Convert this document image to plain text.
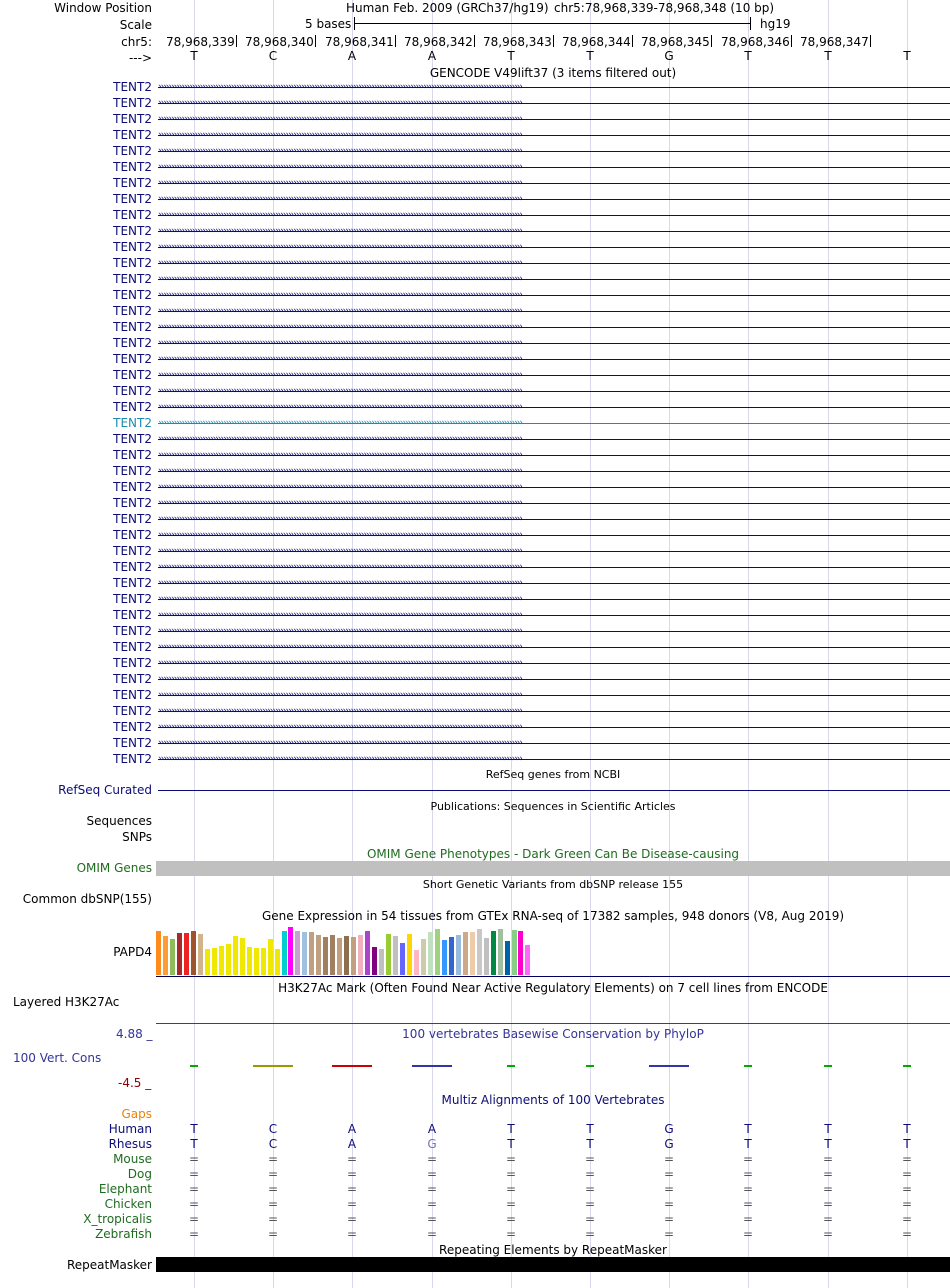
Window Position	Human Feb. 2009 (GRCh37/hg19) chr5:78,968,339-78,968,348 (10 bp)
Scale	5 bases	hg19
chr5: 78,968,339 78,968,340 78,968,341 78,968,342 78,968,343 78,968,344 78,968,345 78,968,346 78,968,347
--->	T	C	A	A	T	T	G	T	T	T
GENCODE V49lift37 (3 items filtered out)
TENT2 ››››››››››››››››››››››››››››››››››››››››››››››››››››››››››››››››››››››››››››››››››››››››››››››››››››››››››››››››››››››››››››››››››››››››››››
TENT2 ››››››››››››››››››››››››››››››››››››››››››››››››››››››››››››››››››››››››››››››››››››››››››››››››››››››››››››››››››››››››››››››››››››››››››››
TENT2 ››››››››››››››››››››››››››››››››››››››››››››››››››››››››››››››››››››››››››››››››››››››››››››››››››››››››››››››››››››››››››››››››››››››››››››
TENT2 ››››››››››››››››››››››››››››››››››››››››››››››››››››››››››››››››››››››››››››››››››››››››››››››››››››››››››››››››››››››››››››››››››››››››››››
TENT2 ››››››››››››››››››››››››››››››››››››››››››››››››››››››››››››››››››››››››››››››››››››››››››››››››››››››››››››››››››››››››››››››››››››››››››››
TENT2 ››››››››››››››››››››››››››››››››››››››››››››››››››››››››››››››››››››››››››››››››››››››››››››››››››››››››››››››››››››››››››››››››››››››››››››
TENT2 ››››››››››››››››››››››››››››››››››››››››››››››››››››››››››››››››››››››››››››››››››››››››››››››››››››››››››››››››››››››››››››››››››››››››››››
TENT2 ››››››››››››››››››››››››››››››››››››››››››››››››››››››››››››››››››››››››››››››››››››››››››››››››››››››››››››››››››››››››››››››››››››››››››››
TENT2 ››››››››››››››››››››››››››››››››››››››››››››››››››››››››››››››››››››››››››››››››››››››››››››››››››››››››››››››››››››››››››››››››››››››››››››
TENT2 ››››››››››››››››››››››››››››››››››››››››››››››››››››››››››››››››››››››››››››››››››››››››››››››››››››››››››››››››››››››››››››››››››››››››››››
TENT2 ››››››››››››››››››››››››››››››››››››››››››››››››››››››››››››››››››››››››››››››››››››››››››››››››››››››››››››››››››››››››››››››››››››››››››››
TENT2 ››››››››››››››››››››››››››››››››››››››››››››››››››››››››››››››››››››››››››››››››››››››››››››››››››››››››››››››››››››››››››››››››››››››››››››
TENT2 ››››››››››››››››››››››››››››››››››››››››››››››››››››››››››››››››››››››››››››››››››››››››››››››››››››››››››››››››››››››››››››››››››››››››››››
TENT2 ››››››››››››››››››››››››››››››››››››››››››››››››››››››››››››››››››››››››››››››››››››››››››››››››››››››››››››››››››››››››››››››››››››››››››››
TENT2 ››››››››››››››››››››››››››››››››››››››››››››››››››››››››››››››››››››››››››››››››››››››››››››››››››››››››››››››››››››››››››››››››››››››››››››
TENT2 ››››››››››››››››››››››››››››››››››››››››››››››››››››››››››››››››››››››››››››››››››››››››››››››››››››››››››››››››››››››››››››››››››››››››››››
TENT2 ››››››››››››››››››››››››››››››››››››››››››››››››››››››››››››››››››››››››››››››››››››››››››››››››››››››››››››››››››››››››››››››››››››››››››››
TENT2 ››››››››››››››››››››››››››››››››››››››››››››››››››››››››››››››››››››››››››››››››››››››››››››››››››››››››››››››››››››››››››››››››››››››››››››
TENT2 ››››››››››››››››››››››››››››››››››››››››››››››››››››››››››››››››››››››››››››››››››››››››››››››››››››››››››››››››››››››››››››››››››››››››››››
TENT2 ››››››››››››››››››››››››››››››››››››››››››››››››››››››››››››››››››››››››››››››››››››››››››››››››››››››››››››››››››››››››››››››››››››››››››››
TENT2 ››››››››››››››››››››››››››››››››››››››››››››››››››››››››››››››››››››››››››››››››››››››››››››››››››››››››››››››››››››››››››››››››››››››››››››
TENT2 ››››››››››››››››››››››››››››››››››››››››››››››››››››››››››››››››››››››››››››››››››››››››››››››››››››››››››››››››››››››››››››››››››››››››››››
TENT2 ››››››››››››››››››››››››››››››››››››››››››››››››››››››››››››››››››››››››››››››››››››››››››››››››››››››››››››››››››››››››››››››››››››››››››››
TENT2 ››››››››››››››››››››››››››››››››››››››››››››››››››››››››››››››››››››››››››››››››››››››››››››››››››››››››››››››››››››››››››››››››››››››››››››
TENT2 ››››››››››››››››››››››››››››››››››››››››››››››››››››››››››››››››››››››››››››››››››››››››››››››››››››››››››››››››››››››››››››››››››››››››››››
TENT2 ››››››››››››››››››››››››››››››››››››››››››››››››››››››››››››››››››››››››››››››››››››››››››››››››››››››››››››››››››››››››››››››››››››››››››››
TENT2 ››››››››››››››››››››››››››››››››››››››››››››››››››››››››››››››››››››››››››››››››››››››››››››››››››››››››››››››››››››››››››››››››››››››››››››
TENT2 ››››››››››››››››››››››››››››››››››››››››››››››››››››››››››››››››››››››››››››››››››››››››››››››››››››››››››››››››››››››››››››››››››››››››››››
TENT2 ››››››››››››››››››››››››››››››››››››››››››››››››››››››››››››››››››››››››››››››››››››››››››››››››››››››››››››››››››››››››››››››››››››››››››››
TENT2 ››››››››››››››››››››››››››››››››››››››››››››››››››››››››››››››››››››››››››››››››››››››››››››››››››››››››››››››››››››››››››››››››››››››››››››
TENT2 ››››››››››››››››››››››››››››››››››››››››››››››››››››››››››››››››››››››››››››››››››››››››››››››››››››››››››››››››››››››››››››››››››››››››››››
TENT2 ››››››››››››››››››››››››››››››››››››››››››››››››››››››››››››››››››››››››››››››››››››››››››››››››››››››››››››››››››››››››››››››››››››››››››››
TENT2 ››››››››››››››››››››››››››››››››››››››››››››››››››››››››››››››››››››››››››››››››››››››››››››››››››››››››››››››››››››››››››››››››››››››››››››
TENT2 ››››››››››››››››››››››››››››››››››››››››››››››››››››››››››››››››››››››››››››››››››››››››››››››››››››››››››››››››››››››››››››››››››››››››››››
TENT2 ››››››››››››››››››››››››››››››››››››››››››››››››››››››››››››››››››››››››››››››››››››››››››››››››››››››››››››››››››››››››››››››››››››››››››››
TENT2 ››››››››››››››››››››››››››››››››››››››››››››››››››››››››››››››››››››››››››››››››››››››››››››››››››››››››››››››››››››››››››››››››››››››››››››
TENT2 ››››››››››››››››››››››››››››››››››››››››››››››››››››››››››››››››››››››››››››››››››››››››››››››››››››››››››››››››››››››››››››››››››››››››››››
TENT2 ››››››››››››››››››››››››››››››››››››››››››››››››››››››››››››››››››››››››››››››››››››››››››››››››››››››››››››››››››››››››››››››››››››››››››››
TENT2 ››››››››››››››››››››››››››››››››››››››››››››››››››››››››››››››››››››››››››››››››››››››››››››››››››››››››››››››››››››››››››››››››››››››››››››
TENT2 ››››››››››››››››››››››››››››››››››››››››››››››››››››››››››››››››››››››››››››››››››››››››››››››››››››››››››››››››››››››››››››››››››››››››››››
TENT2 ››››››››››››››››››››››››››››››››››››››››››››››››››››››››››››››››››››››››››››››››››››››››››››››››››››››››››››››››››››››››››››››››››››››››››››
TENT2 ››››››››››››››››››››››››››››››››››››››››››››››››››››››››››››››››››››››››››››››››››››››››››››››››››››››››››››››››››››››››››››››››››››››››››››
TENT2 ››››››››››››››››››››››››››››››››››››››››››››››››››››››››››››››››››››››››››››››››››››››››››››››››››››››››››››››››››››››››››››››››››››››››››››
RefSeq genes from NCBI
RefSeq Curated
Publications: Sequences in Scientific Articles
Sequences
SNPs
OMIM Gene Phenotypes - Dark Green Can Be Disease-causing
OMIM Genes
Short Genetic Variants from dbSNP release 155
Common dbSNP(155)
Gene Expression in 54 tissues from GTEx RNA-seq of 17382 samples, 948 donors (V8, Aug 2019)
PAPD4
H3K27Ac Mark (Often Found Near Active Regulatory Elements) on 7 cell lines from ENCODE
Layered H3K27Ac
100 vertebrates Basewise Conservation by PhyloP
4.88 _
100 Vert. Cons
-4.5 _
Multiz Alignments of 100 Vertebrates
Gaps
Human	T	C	A	A	T	T	G	T	T	T
Rhesus	T	C	A	G	T	T	G	T	T	T
Mouse	=	=	=	=	=	=	=	=	=	=
Dog	=	=	=	=	=	=	=	=	=	=
Elephant	=	=	=	=	=	=	=	=	=	=
Chicken	=	=	=	=	=	=	=	=	=	=
X_tropicalis	=	=	=	=	=	=	=	=	=	=
Zebrafish	=	=	=	=	=	=	=	=	=	=
Repeating Elements by RepeatMasker
RepeatMasker
